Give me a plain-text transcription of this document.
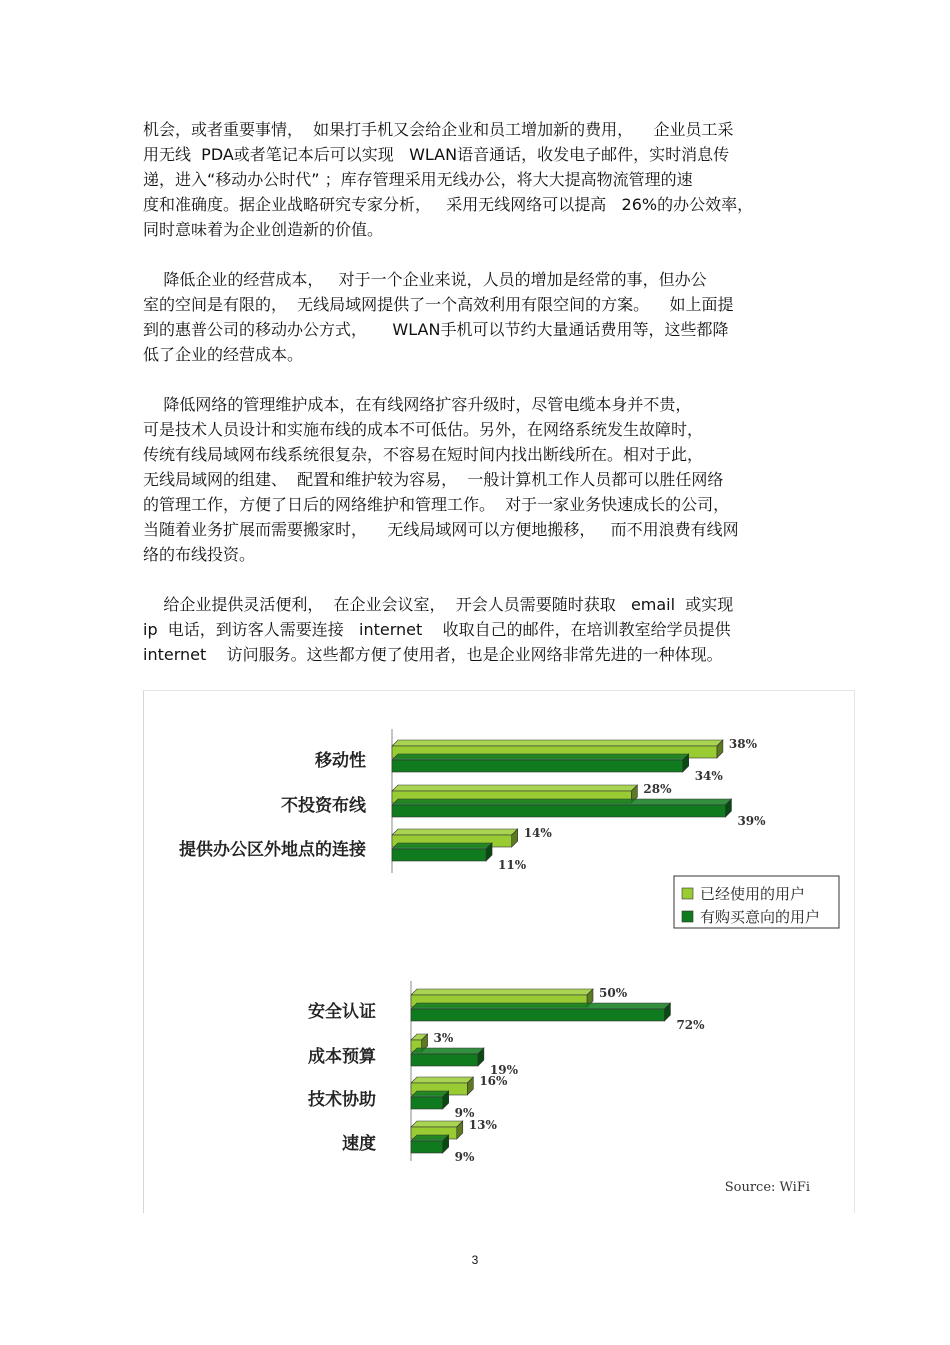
机会，或者重要事情，  如果打手机又会给企业和员工增加新的费用，    企业员工采

用无线  PDA或者笔记本后可以实现   WLAN语音通话，收发电子邮件，实时消息传

递，进入“移动办公时代” ；库存管理采用无线办公，将大大提高物流管理的速

度和准确度。据企业战略研究专家分析，   采用无线网络可以提高   26%的办公效率，

同时意味着为企业创造新的价值。

降低企业的经营成本，   对于一个企业来说，人员的增加是经常的事，但办公

室的空间是有限的，  无线局域网提供了一个高效利用有限空间的方案。    如上面提

到的惠普公司的移动办公方式，     WLAN手机可以节约大量通话费用等，这些都降

低了企业的经营成本。

降低网络的管理维护成本，在有线网络扩容升级时，尽管电缆本身并不贵，

可是技术人员设计和实施布线的成本不可低估。另外，在网络系统发生故障时，

传统有线局域网布线系统很复杂，不容易在短时间内找出断线所在。相对于此，

无线局域网的组建、  配置和维护较为容易，  一般计算机工作人员都可以胜任网络

的管理工作，方便了日后的网络维护和管理工作。  对于一家业务快速成长的公司，

当随着业务扩展而需要搬家时，    无线局域网可以方便地搬移，   而不用浪费有线网

络的布线投资。

给企业提供灵活便利，  在企业会议室，  开会人员需要随时获取   email  或实现

ip  电话，到访客人需要连接   internet    收取自己的邮件，在培训教室给学员提供

internet    访问服务。这些都方便了使用者，也是企业网络非常先进的一种体现。

移动性
38%
34%
不投资布线
28%
39%
提供办公区外地点的连接
14%
11%
已经使用的用户
有购买意向的用户
安全认证
50%
72%
成本预算
3%
19%
技术协助
16%
9%
速度
13%
9%
Source: WiFi
3
